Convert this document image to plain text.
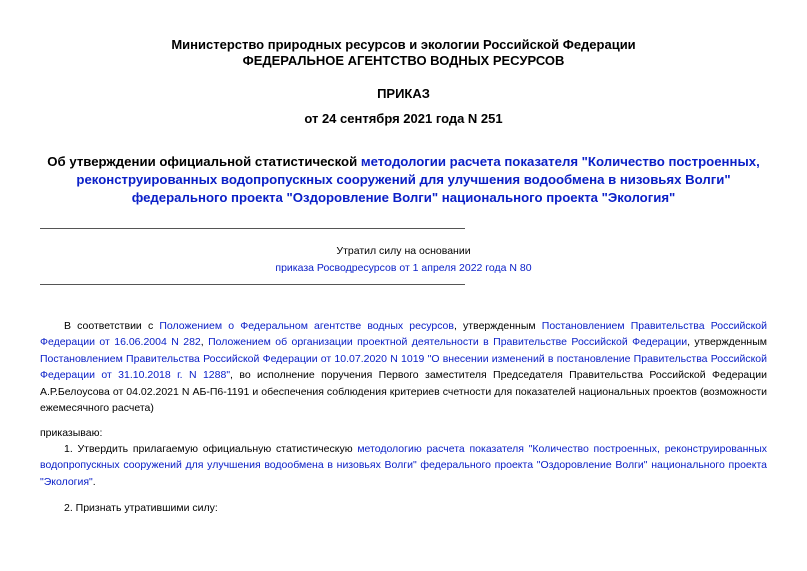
Министерство природных ресурсов и экологии Российской Федерации
ФЕДЕРАЛЬНОЕ АГЕНТСТВО ВОДНЫХ РЕСУРСОВ
ПРИКАЗ
от 24 сентября 2021 года N 251
Об утверждении официальной статистической методологии расчета показателя "Количество построенных, реконструированных водопропускных сооружений для улучшения водообмена в низовьях Волги" федерального проекта "Оздоровление Волги" национального проекта "Экология"
Утратил силу на основании
приказа Росводресурсов от 1 апреля 2022 года N 80
В соответствии с Положением о Федеральном агентстве водных ресурсов, утвержденным Постановлением Правительства Российской Федерации от 16.06.2004 N 282, Положением об организации проектной деятельности в Правительстве Российской Федерации, утвержденным Постановлением Правительства Российской Федерации от 10.07.2020 N 1019 "О внесении изменений в постановление Правительства Российской Федерации от 31.10.2018 г. N 1288", во исполнение поручения Первого заместителя Председателя Правительства Российской Федерации А.Р.Белоусова от 04.02.2021 N АБ-П6-1191 и обеспечения соблюдения критериев счетности для показателей национальных проектов (возможности ежемесячного расчета)
приказываю:
1. Утвердить прилагаемую официальную статистическую методологию расчета показателя "Количество построенных, реконструированных водопропускных сооружений для улучшения водообмена в низовьях Волги" федерального проекта "Оздоровление Волги" национального проекта "Экология".
2. Признать утратившими силу:
